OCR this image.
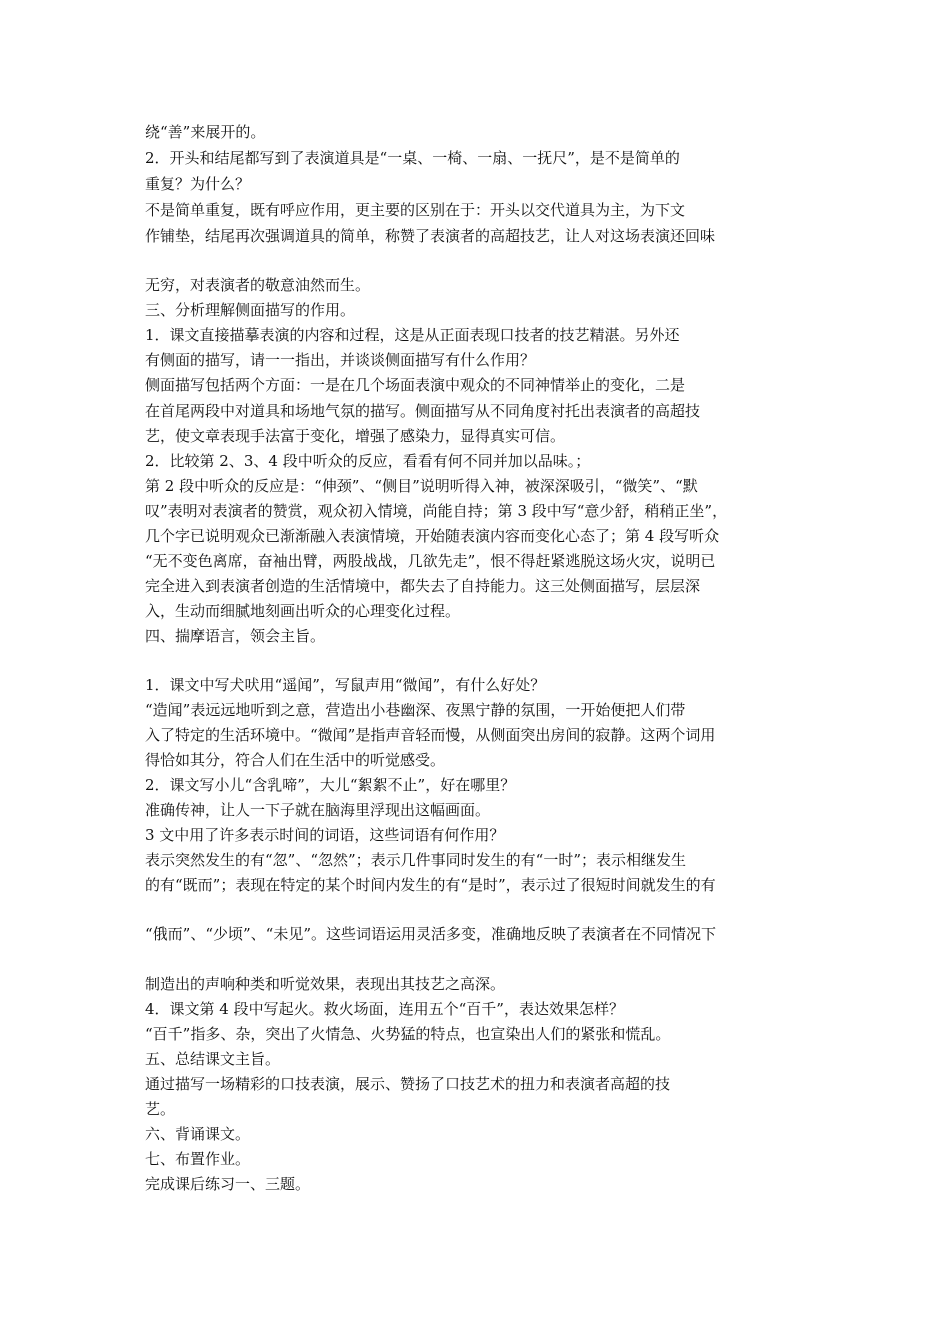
绕“善”来展开的。
2．开头和结尾都写到了表演道具是“一桌、一椅、一扇、一抚尺”，是不是简单的
重复？为什么？
不是简单重复，既有呼应作用，更主要的区别在于：开头以交代道具为主，为下文
作铺垫，结尾再次强调道具的简单，称赞了表演者的高超技艺，让人对这场表演还回味
无穷，对表演者的敬意油然而生。
三、分析理解侧面描写的作用。
1．课文直接描摹表演的内容和过程，这是从正面表现口技者的技艺精湛。另外还
有侧面的描写，请一一指出，并谈谈侧面描写有什么作用？
侧面描写包括两个方面：一是在几个场面表演中观众的不同神情举止的变化，二是
在首尾两段中对道具和场地气氛的描写。侧面描写从不同角度衬托出表演者的高超技
艺，使文章表现手法富于变化，增强了感染力，显得真实可信。
2．比较第 2、3、4 段中听众的反应，看看有何不同并加以品味。；
第 2 段中听众的反应是：“伸颈”、“侧目”说明听得入神，被深深吸引，“微笑”、“默
叹”表明对表演者的赞赏，观众初入情境，尚能自持；第 3 段中写“意少舒，稍稍正坐”，
几个字已说明观众已渐渐融入表演情境，开始随表演内容而变化心态了；第 4 段写听众
“无不变色离席，奋袖出臂，两股战战，几欲先走”，恨不得赶紧逃脱这场火灾，说明已
完全进入到表演者创造的生活情境中，都失去了自持能力。这三处侧面描写，层层深
入，生动而细腻地刻画出听众的心理变化过程。
四、揣摩语言，领会主旨。
1．课文中写犬吠用“遥闻”，写鼠声用“微闻”，有什么好处？
“造闻”表远远地听到之意，营造出小巷幽深、夜黑宁静的氛围，一开始便把人们带
入了特定的生活环境中。“微闻”是指声音轻而慢，从侧面突出房间的寂静。这两个词用
得恰如其分，符合人们在生活中的听觉感受。
2．课文写小儿“含乳啼”，大儿“絮絮不止”，好在哪里？
准确传神，让人一下子就在脑海里浮现出这幅画面。
3 文中用了许多表示时间的词语，这些词语有何作用？
表示突然发生的有“忽”、“忽然”；表示几件事同时发生的有“一时”；表示相继发生
的有“既而”；表现在特定的某个时间内发生的有“是时”，表示过了很短时间就发生的有
“俄而”、“少顷”、“未见”。这些词语运用灵活多变，准确地反映了表演者在不同情况下
制造出的声响种类和听觉效果，表现出其技艺之高深。
4．课文第 4 段中写起火。救火场面，连用五个“百千”，表达效果怎样？
“百千”指多、杂，突出了火情急、火势猛的特点，也宣染出人们的紧张和慌乱。
五、总结课文主旨。
通过描写一场精彩的口技表演，展示、赞扬了口技艺术的扭力和表演者高超的技
艺。
六、背诵课文。
七、布置作业。
完成课后练习一、三题。
